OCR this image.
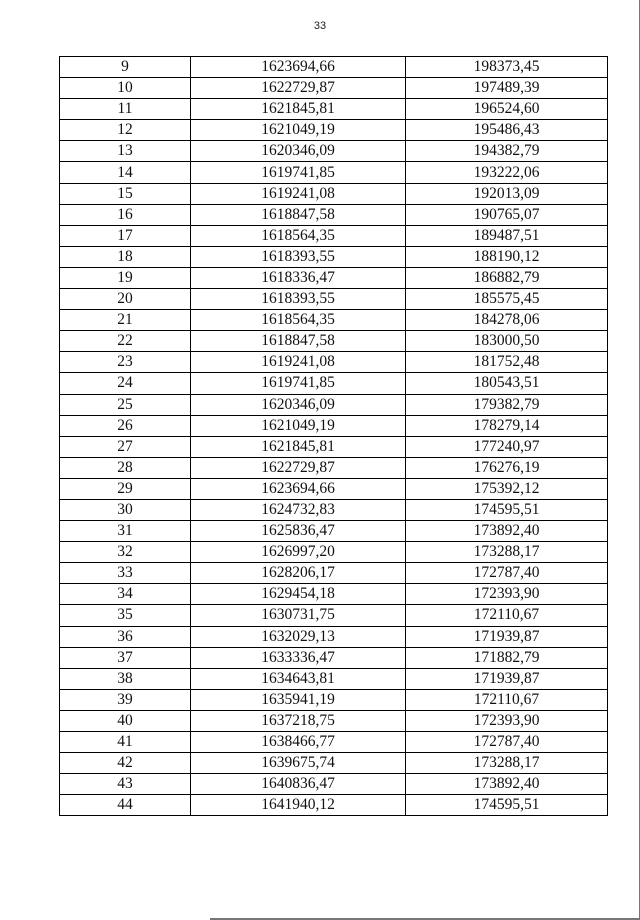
33
9	1623694,66	198373,45
10	1622729,87	197489,39
11	1621845,81	196524,60
12	1621049,19	195486,43
13	1620346,09	194382,79
14	1619741,85	193222,06
15	1619241,08	192013,09
16	1618847,58	190765,07
17	1618564,35	189487,51
18	1618393,55	188190,12
19	1618336,47	186882,79
20	1618393,55	185575,45
21	1618564,35	184278,06
22	1618847,58	183000,50
23	1619241,08	181752,48
24	1619741,85	180543,51
25	1620346,09	179382,79
26	1621049,19	178279,14
27	1621845,81	177240,97
28	1622729,87	176276,19
29	1623694,66	175392,12
30	1624732,83	174595,51
31	1625836,47	173892,40
32	1626997,20	173288,17
33	1628206,17	172787,40
34	1629454,18	172393,90
35	1630731,75	172110,67
36	1632029,13	171939,87
37	1633336,47	171882,79
38	1634643,81	171939,87
39	1635941,19	172110,67
40	1637218,75	172393,90
41	1638466,77	172787,40
42	1639675,74	173288,17
43	1640836,47	173892,40
44	1641940,12	174595,51
